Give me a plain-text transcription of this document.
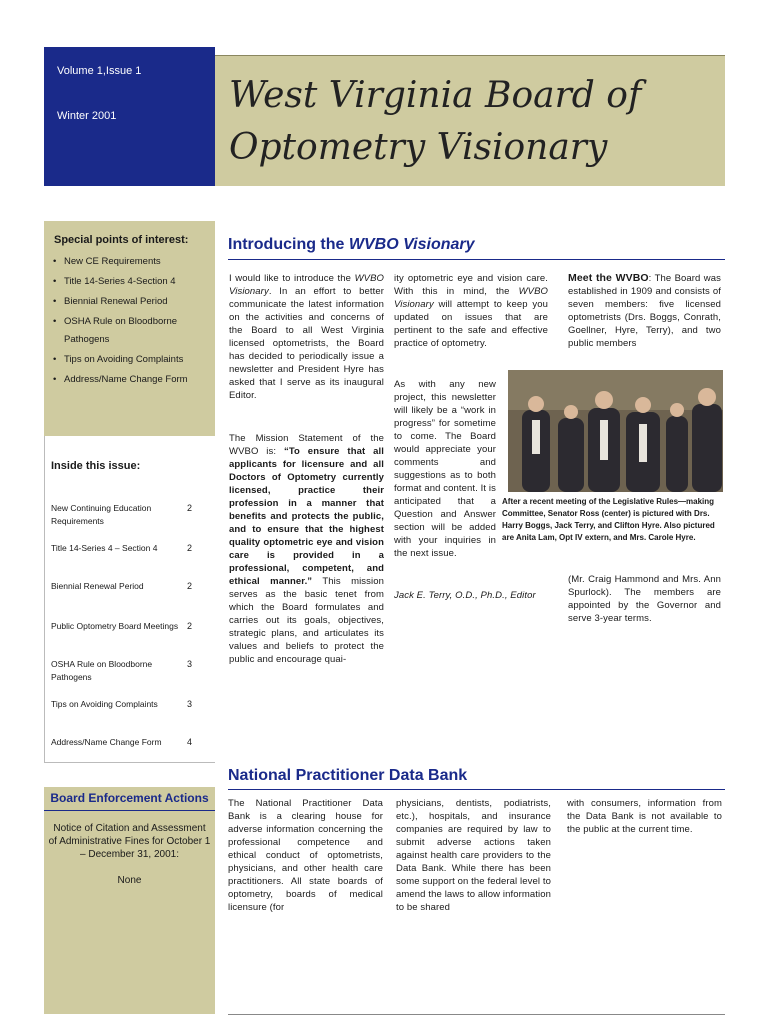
Volume 1,Issue 1
Winter 2001	West Virginia Board of
Optometry Visionary
Special points of interest:
• New CE Requirements
• Title 14-Series 4-Section 4
• Biennial Renewal Period
• OSHA Rule on Bloodborne Pathogens
• Tips on Avoiding Complaints
• Address/Name Change Form
Inside this issue:
New Continuing Education Requirements
2
Title 14-Series 4 – Section 4	2
Biennial Renewal Period	2
Public Optometry Board Meetings 2
OSHA Rule on Bloodborne Pathogens
3
Tips on Avoiding Complaints	3
Address/Name Change Form	4
Board Enforcement Actions
Notice of Citation and Assessment of Administrative Fines for October 1 – December 31, 2001:
None
Introducing the WVBO Visionary
I would like to introduce the WVBO Visionary. In an effort to better communicate the latest information on the activities and concerns of the Board to all West Virginia licensed optometrists, the Board has decided to periodically issue a newsletter and President Hyre has asked that I serve as its inaugural Editor.
The Mission Statement of the WVBO is: “To ensure that all applicants for licensure and all Doctors of Optometry currently licensed, practice their profession in a manner that benefits and protects the public, and to ensure that the highest quality optometric eye and vision care is provided in a professional, competent, and ethical manner.” This mission serves as the basic tenet from which the Board formulates and carries out its goals, objectives, strategic plans, and articulates its values and beliefs to protect the public and encourage quai-
ity optometric eye and vision care. With this in mind, the WVBO Visionary will attempt to keep you updated on issues that are pertinent to the safe and effective practice of optometry.
As with any new project, this newsletter will likely be a “work in progress” for sometime to come. The Board would appreciate your comments and suggestions as to both format and content. It is anticipated that a Question and Answer section will be added with your inquiries in the next issue.
Jack E. Terry, O.D., Ph.D., Editor
Meet the WVBO: The Board was established in 1909 and consists of seven members: five licensed optometrists (Drs. Boggs, Conrath, Goellner, Hyre, Terry), and two public members
After a recent meeting of the Legislative Rules—making Committee, Senator Ross (center) is pictured with Drs. Harry Boggs, Jack Terry, and Clifton Hyre. Also pictured are Anita Lam, Opt IV extern, and Mrs. Carole Hyre.
(Mr. Craig Hammond and Mrs. Ann Spurlock). The members are appointed by the Governor and serve 3-year terms.
National Practitioner Data Bank
The National Practitioner Data Bank is a clearing house for adverse information concerning the professional competence and ethical conduct of optometrists, physicians, and other health care practitioners. All state boards of optometry, boards of medical licensure (for
physicians, dentists, podiatrists, etc.), hospitals, and insurance companies are required by law to submit adverse actions taken against health care providers to the Data Bank. While there has been some support on the federal level to amend the laws to allow information to be shared
with consumers, information from the Data Bank is not available to the public at the current time.
